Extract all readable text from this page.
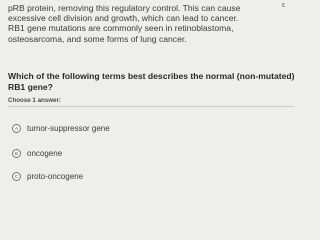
pRB protein, removing this regulatory control. This can cause
excessive cell division and growth, which can lead to cancer.
RB1 gene mutations are commonly seen in retinoblastoma,
osteosarcoma, and some forms of lung cancer.
ε
Which of the following terms best describes the normal (non-mutated)
RB1 gene?
Choose 1 answer:
A	tumor-suppressor gene
B	oncogene
C	proto-oncogene
